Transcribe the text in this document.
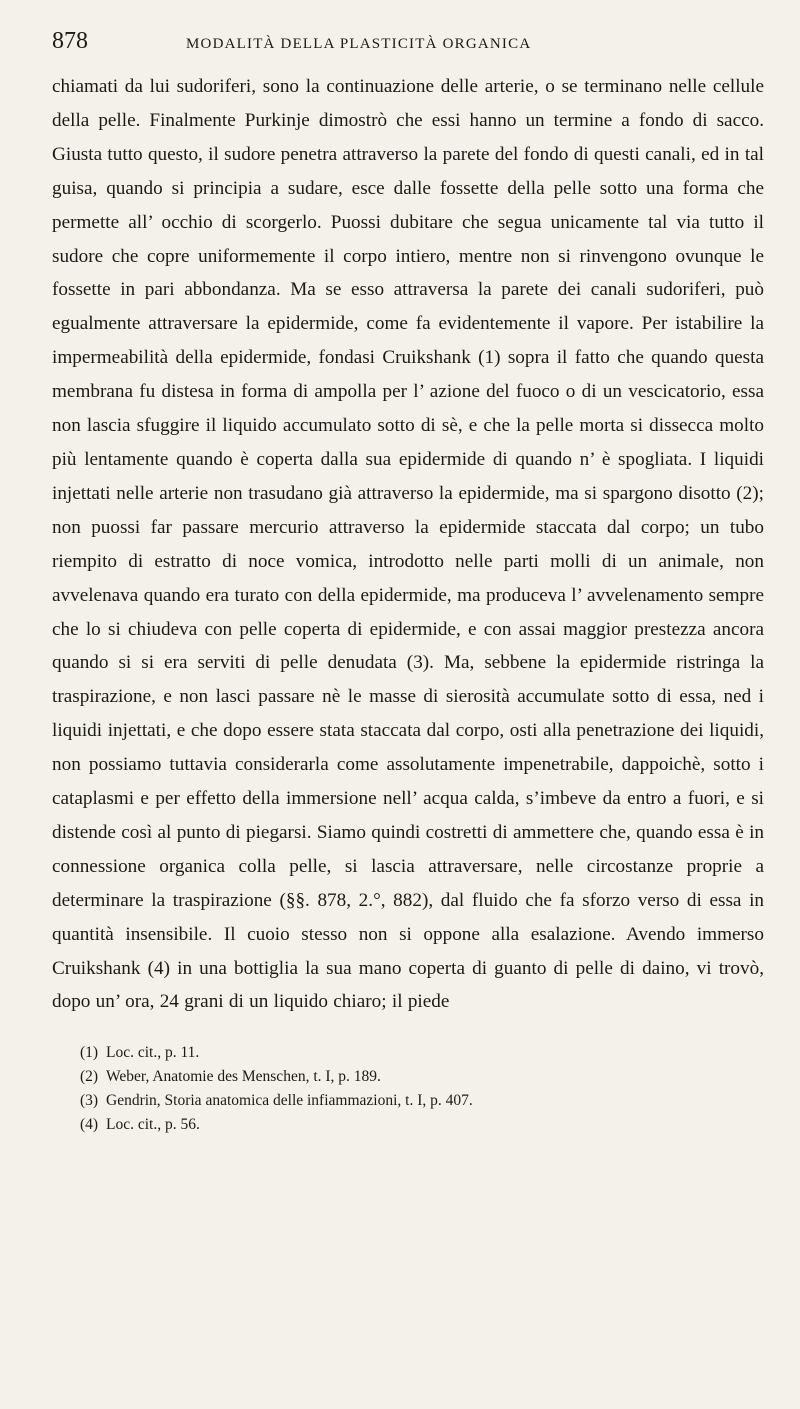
878	MODALITÀ DELLA PLASTICITÀ ORGANICA

chiamati da lui sudoriferi, sono la continuazione delle arterie, o se terminano nelle cellule della pelle. Finalmente Purkinje dimostrò che essi hanno un termine a fondo di sacco. Giusta tutto questo, il sudore penetra attraverso la parete del fondo di questi canali, ed in tal guisa, quando si principia a sudare, esce dalle fossette della pelle sotto una forma che permette all’ occhio di scorgerlo. Puossi dubitare che segua unicamente tal via tutto il sudore che copre uniformemente il corpo intiero, mentre non si rinvengono ovunque le fossette in pari abbondanza. Ma se esso attraversa la parete dei canali sudoriferi, può egualmente attraversare la epidermide, come fa evidentemente il vapore. Per istabilire la impermeabilità della epidermide, fondasi Cruikshank (1) sopra il fatto che quando questa membrana fu distesa in forma di ampolla per l’ azione del fuoco o di un vescicatorio, essa non lascia sfuggire il liquido accumulato sotto di sè, e che la pelle morta si dissecca molto più lentamente quando è coperta dalla sua epidermide di quando n’ è spogliata. I liquidi injettati nelle arterie non trasudano già attraverso la epidermide, ma si spargono disotto (2); non puossi far passare mercurio attraverso la epidermide staccata dal corpo; un tubo riempito di estratto di noce vomica, introdotto nelle parti molli di un animale, non avvelenava quando era turato con della epidermide, ma produceva l’ avvelenamento sempre che lo si chiudeva con pelle coperta di epidermide, e con assai maggior prestezza ancora quando si si era serviti di pelle denudata (3). Ma, sebbene la epidermide ristringa la traspirazione, e non lasci passare nè le masse di sierosità accumulate sotto di essa, ned i liquidi injettati, e che dopo essere stata staccata dal corpo, osti alla penetrazione dei liquidi, non possiamo tuttavia considerarla come assolutamente impenetrabile, dappoichè, sotto i cataplasmi e per effetto della immersione nell’ acqua calda, s’imbeve da entro a fuori, e si distende così al punto di piegarsi. Siamo quindi costretti di ammettere che, quando essa è in connessione organica colla pelle, si lascia attraversare, nelle circostanze proprie a determinare la traspirazione (§§. 878, 2.°, 882), dal fluido che fa sforzo verso di essa in quantità insensibile. Il cuoio stesso non si oppone alla esalazione. Avendo immerso Cruikshank (4) in una bottiglia la sua mano coperta di guanto di pelle di daino, vi trovò, dopo un’ ora, 24 grani di un liquido chiaro; il piede

(1) Loc. cit., p. 11.
(2) Weber, Anatomie des Menschen, t. I, p. 189.
(3) Gendrin, Storia anatomica delle infiammazioni, t. I, p. 407.
(4) Loc. cit., p. 56.
